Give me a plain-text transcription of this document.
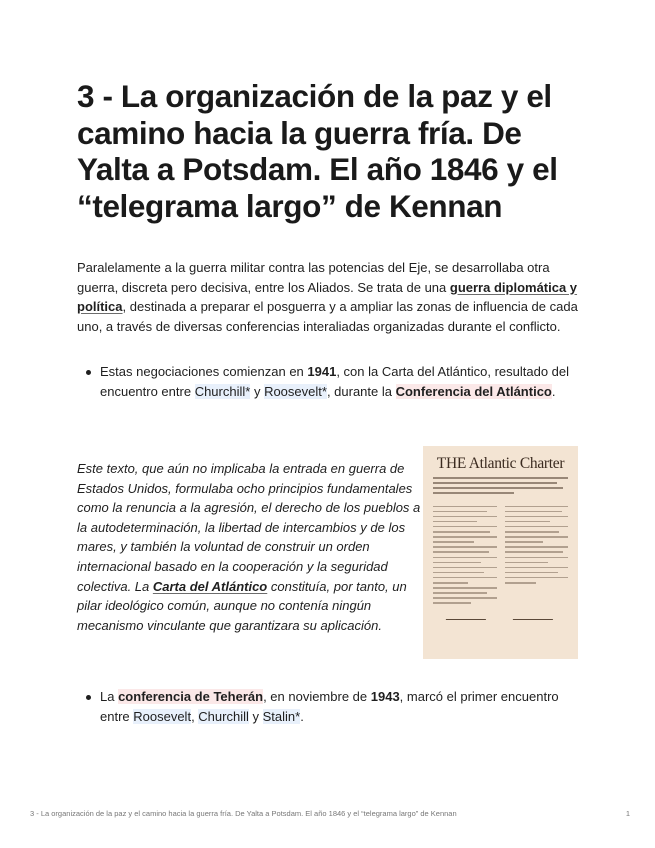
3 - La organización de la paz y el camino hacia la guerra fría. De Yalta a Potsdam. El año 1846 y el “telegrama largo” de Kennan

Paralelamente a la guerra militar contra las potencias del Eje, se desarrollaba otra guerra, discreta pero decisiva, entre los Aliados. Se trata de una guerra diplomática y política, destinada a preparar el posguerra y a ampliar las zonas de influencia de cada uno, a través de diversas conferencias interaliadas organizadas durante el conflicto.

Estas negociaciones comienzan en 1941, con la Carta del Atlántico, resultado del encuentro entre Churchill* y Roosevelt*, durante la Conferencia del Atlántico.

Este texto, que aún no implicaba la entrada en guerra de Estados Unidos, formulaba ocho principios fundamentales como la renuncia a la agresión, el derecho de los pueblos a la autodeterminación, la libertad de intercambios y de los mares, y también la voluntad de construir un orden internacional basado en la cooperación y la seguridad colectiva. La Carta del Atlántico constituía, por tanto, un pilar ideológico común, aunque no contenía ningún mecanismo vinculante que garantizara su aplicación.

THE Atlantic Charter
La conferencia de Teherán, en noviembre de 1943, marcó el primer encuentro entre Roosevelt, Churchill y Stalin*.
3 - La organización de la paz y el camino hacia la guerra fría. De Yalta a Potsdam. El año 1846 y el “telegrama largo” de Kennan	1
